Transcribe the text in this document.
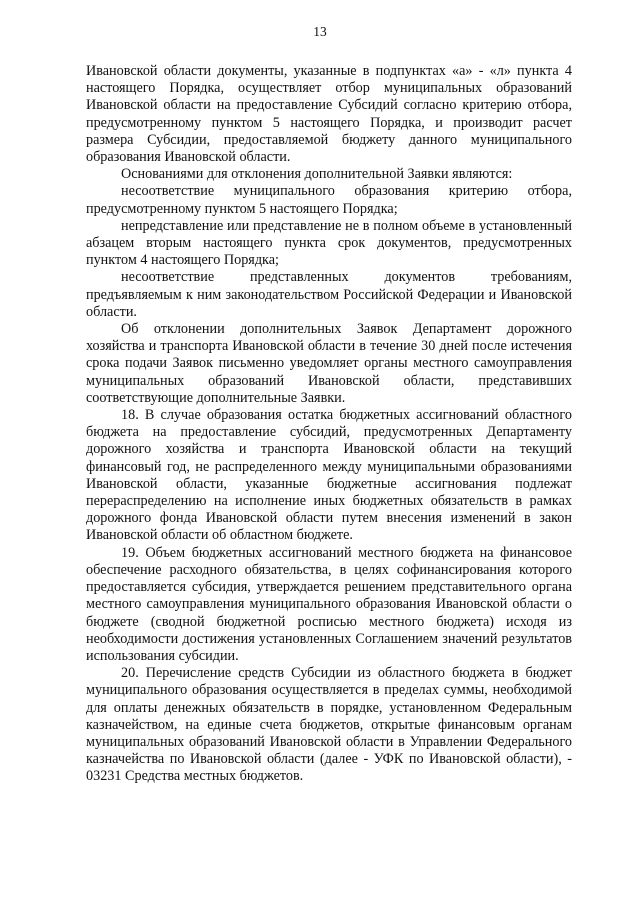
13

Ивановской области документы, указанные в подпунктах «а» - «л» пункта 4 настоящего Порядка, осуществляет отбор муниципальных образований Ивановской области на предоставление Субсидий согласно критерию отбора, предусмотренному пунктом 5 настоящего Порядка, и производит расчет размера Субсидии, предоставляемой бюджету данного муниципального образования Ивановской области.

Основаниями для отклонения дополнительной Заявки являются:

несоответствие муниципального образования критерию отбора, предусмотренному пунктом 5 настоящего Порядка;

непредставление или представление не в полном объеме в установленный абзацем вторым настоящего пункта срок документов, предусмотренных пунктом 4 настоящего Порядка;

несоответствие представленных документов требованиям, предъявляемым к ним законодательством Российской Федерации и Ивановской области.

Об отклонении дополнительных Заявок Департамент дорожного хозяйства и транспорта Ивановской области в течение 30 дней после истечения срока подачи Заявок письменно уведомляет органы местного самоуправления муниципальных образований Ивановской области, представивших соответствующие дополнительные Заявки.

18. В случае образования остатка бюджетных ассигнований областного бюджета на предоставление субсидий, предусмотренных Департаменту дорожного хозяйства и транспорта Ивановской области на текущий финансовый год, не распределенного между муниципальными образованиями Ивановской области, указанные бюджетные ассигнования подлежат перераспределению на исполнение иных бюджетных обязательств в рамках дорожного фонда Ивановской области путем внесения изменений в закон Ивановской области об областном бюджете.

19. Объем бюджетных ассигнований местного бюджета на финансовое обеспечение расходного обязательства, в целях софинансирования которого предоставляется субсидия, утверждается решением представительного органа местного самоуправления муниципального образования Ивановской области о бюджете (сводной бюджетной росписью местного бюджета) исходя из необходимости достижения установленных Соглашением значений результатов использования субсидии.

20. Перечисление средств Субсидии из областного бюджета в бюджет муниципального образования осуществляется в пределах суммы, необходимой для оплаты денежных обязательств в порядке, установленном Федеральным казначейством, на единые счета бюджетов, открытые финансовым органам муниципальных образований Ивановской области в Управлении Федерального казначейства по Ивановской области (далее - УФК по Ивановской области), - 03231 Средства местных бюджетов.
